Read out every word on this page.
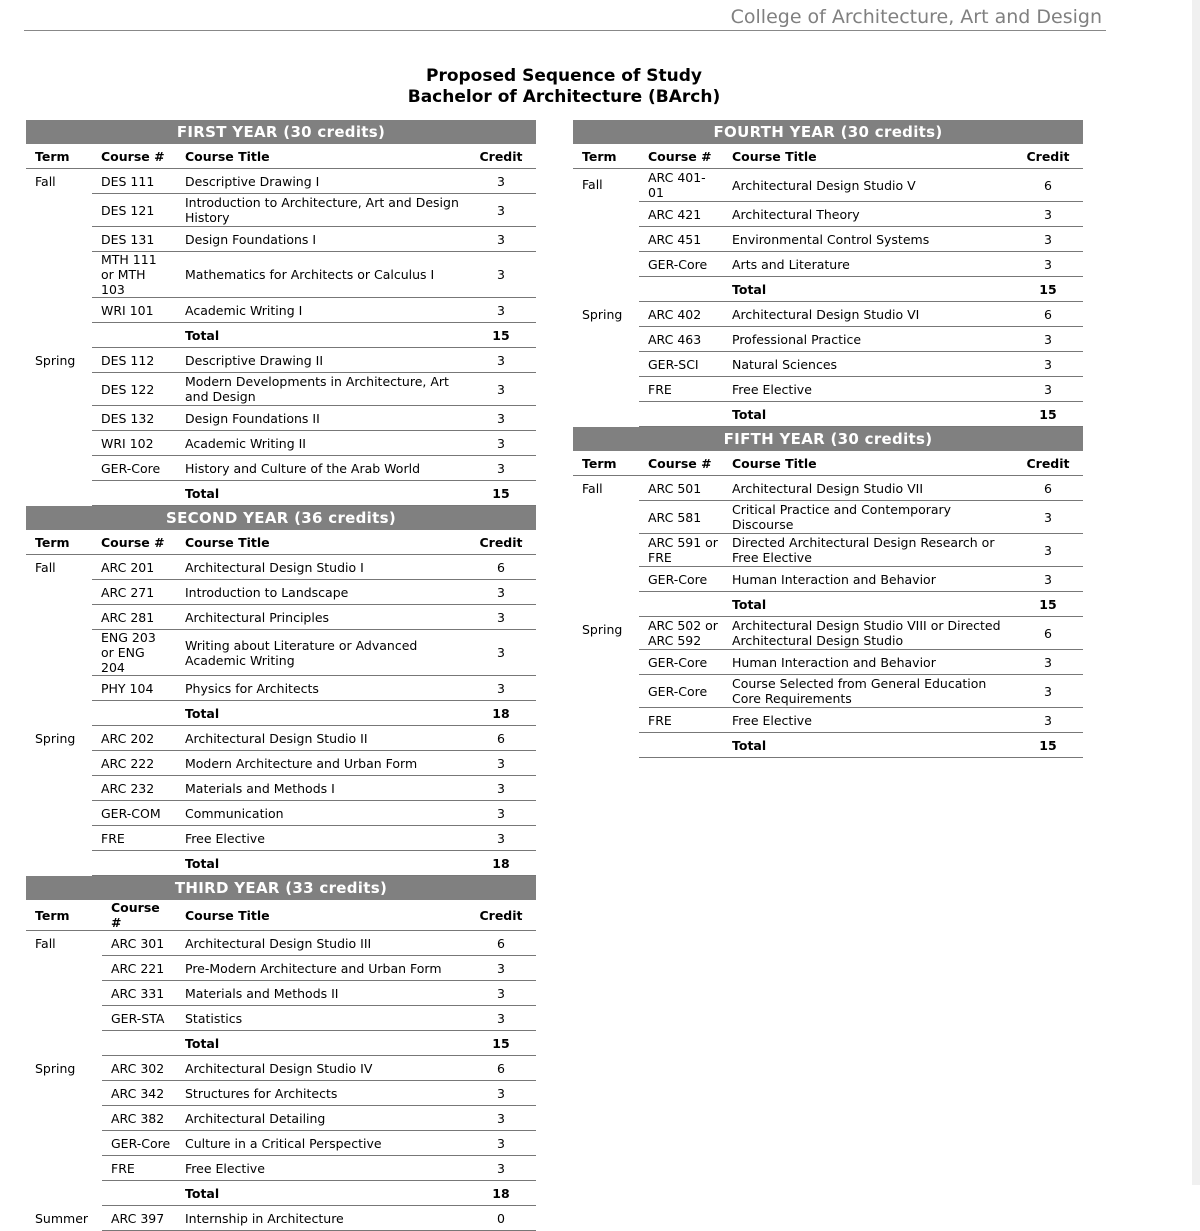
College of Architecture, Art and Design
Proposed Sequence of Study
Bachelor of Architecture (BArch)
FIRST YEAR (30 credits)
Term	Course #	Course Title	Credit
Fall	DES 111	Descriptive Drawing I	3
	DES 121	Introduction to Architecture, Art and Design History	3
	DES 131	Design Foundations I	3
	MTH 111 or MTH 103	Mathematics for Architects or Calculus I	3
	WRI 101	Academic Writing I	3
		Total	15
Spring	DES 112	Descriptive Drawing II	3
	DES 122	Modern Developments in Architecture, Art and Design	3
	DES 132	Design Foundations II	3
	WRI 102	Academic Writing II	3
	GER-Core	History and Culture of the Arab World	3
		Total	15
SECOND YEAR (36 credits)
Term	Course #	Course Title	Credit
Fall	ARC 201	Architectural Design Studio I	6
	ARC 271	Introduction to Landscape	3
	ARC 281	Architectural Principles	3
	ENG 203 or ENG 204	Writing about Literature or Advanced Academic Writing	3
	PHY 104	Physics for Architects	3
		Total	18
Spring	ARC 202	Architectural Design Studio II	6
	ARC 222	Modern Architecture and Urban Form	3
	ARC 232	Materials and Methods I	3
	GER-COM	Communication	3
	FRE	Free Elective	3
		Total	18
THIRD YEAR (33 credits)
Term	Course #	Course Title	Credit
Fall	ARC 301	Architectural Design Studio III	6
	ARC 221	Pre-Modern Architecture and Urban Form	3
	ARC 331	Materials and Methods II	3
	GER-STA	Statistics	3
		Total	15
Spring	ARC 302	Architectural Design Studio IV	6
	ARC 342	Structures for Architects	3
	ARC 382	Architectural Detailing	3
	GER-Core	Culture in a Critical Perspective	3
	FRE	Free Elective	3
		Total	18
Summer	ARC 397	Internship in Architecture	0
FOURTH YEAR (30 credits)
Term	Course #	Course Title	Credit
Fall	ARC 401-01	Architectural Design Studio V	6
	ARC 421	Architectural Theory	3
	ARC 451	Environmental Control Systems	3
	GER-Core	Arts and Literature	3
		Total	15
Spring	ARC 402	Architectural Design Studio VI	6
	ARC 463	Professional Practice	3
	GER-SCI	Natural Sciences	3
	FRE	Free Elective	3
		Total	15
FIFTH YEAR (30 credits)
Term	Course #	Course Title	Credit
Fall	ARC 501	Architectural Design Studio VII	6
	ARC 581	Critical Practice and Contemporary Discourse	3
	ARC 591 or FRE	Directed Architectural Design Research or Free Elective	3
	GER-Core	Human Interaction and Behavior	3
		Total	15
Spring	ARC 502 or ARC 592	Architectural Design Studio VIII or Directed Architectural Design Studio	6
	GER-Core	Human Interaction and Behavior	3
	GER-Core	Course Selected from General Education Core Requirements	3
	FRE	Free Elective	3
		Total	15
